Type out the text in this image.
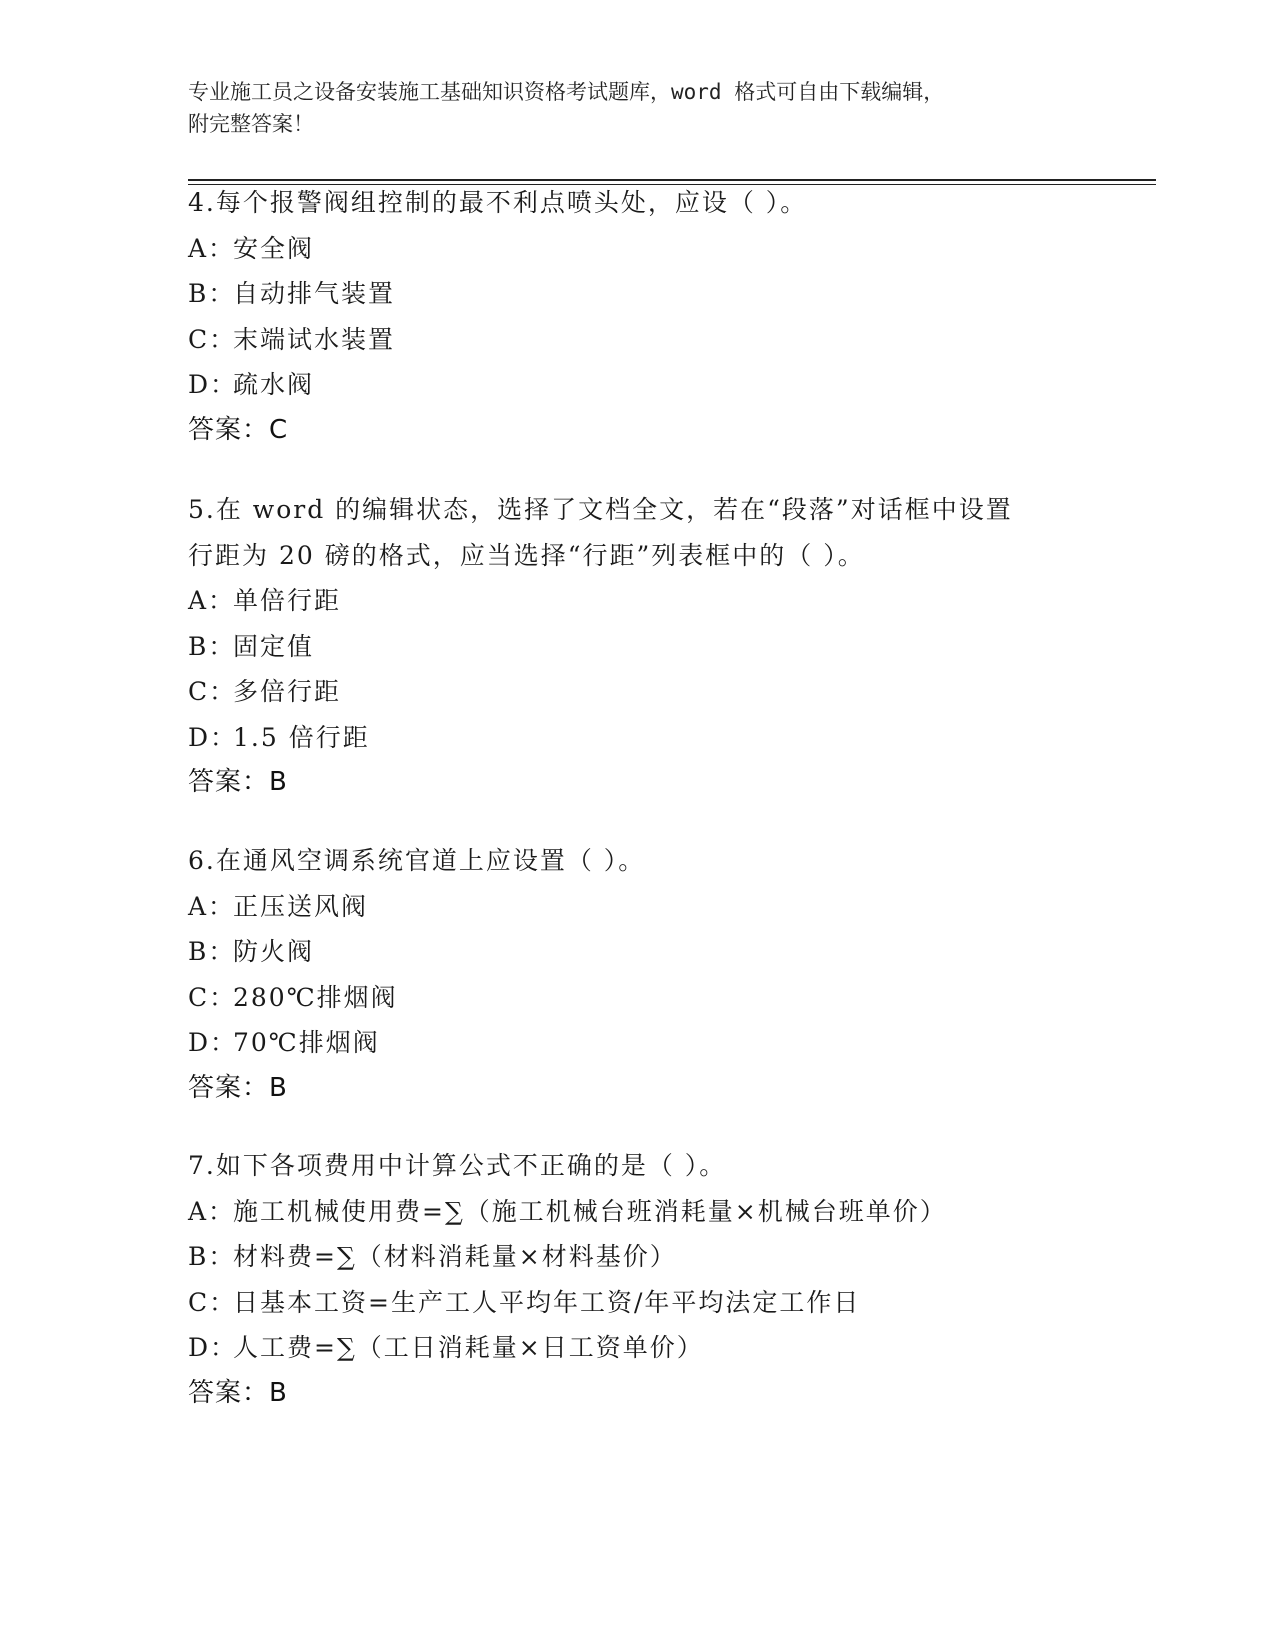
专业施工员之设备安装施工基础知识资格考试题库，word 格式可自由下载编辑，
附完整答案！
4.每个报警阀组控制的最不利点喷头处，应设（ ）。
A：安全阀
B：自动排气装置
C：末端试水装置
D：疏水阀
答案：C
5.在 word 的编辑状态，选择了文档全文，若在“段落”对话框中设置
行距为 20 磅的格式，应当选择“行距”列表框中的（ ）。
A：单倍行距
B：固定值
C：多倍行距
D：1.5 倍行距
答案：B
6.在通风空调系统官道上应设置（ ）。
A：正压送风阀
B：防火阀
C：280℃排烟阀
D：70℃排烟阀
答案：B
7.如下各项费用中计算公式不正确的是（ ）。
A：施工机械使用费=∑（施工机械台班消耗量×机械台班单价）
B：材料费=∑（材料消耗量×材料基价）
C：日基本工资=生产工人平均年工资/年平均法定工作日
D：人工费=∑（工日消耗量×日工资单价）
答案：B
